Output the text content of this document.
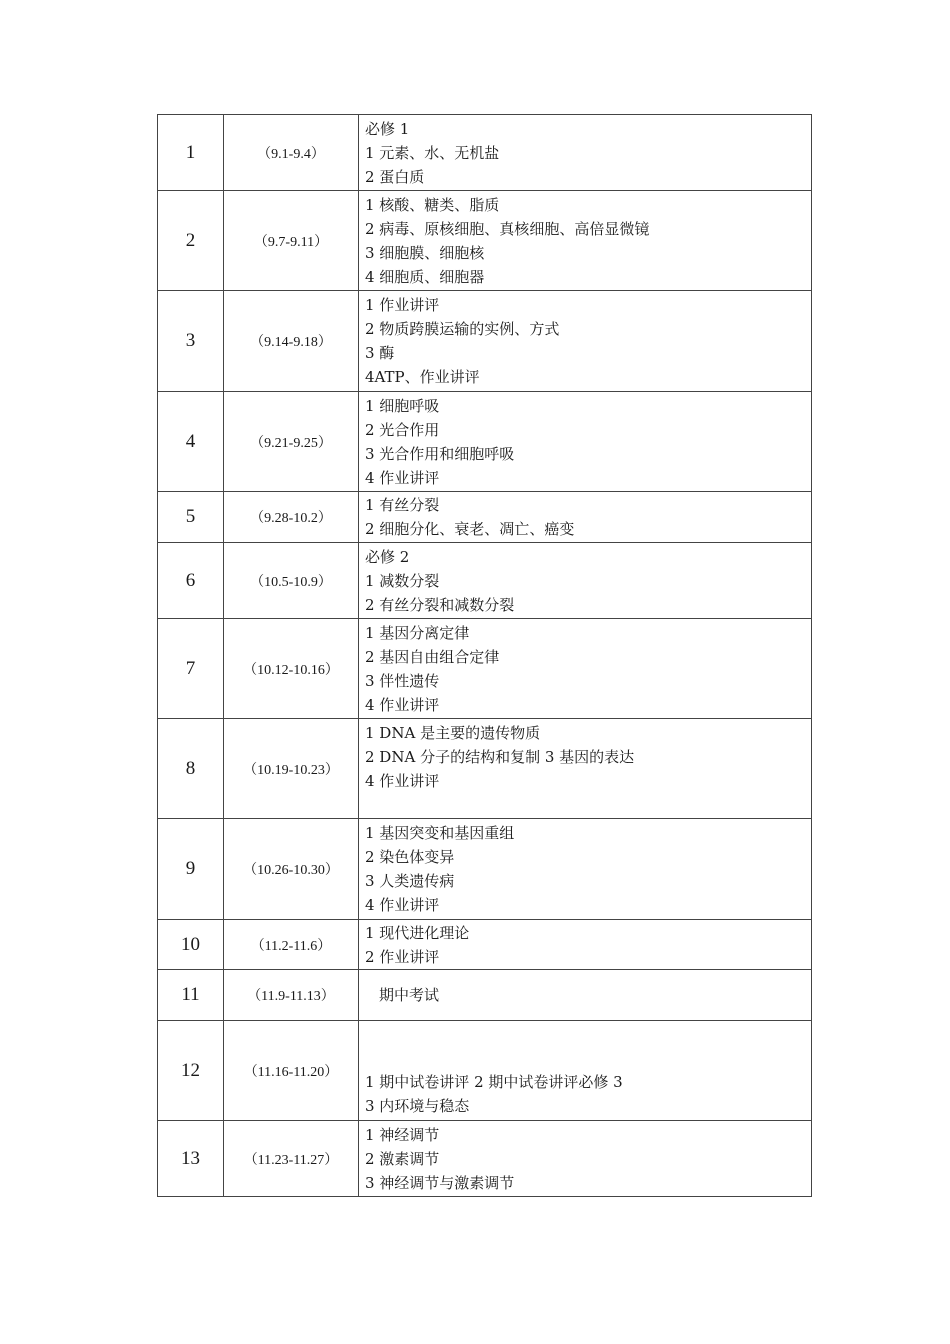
1	（9.1-9.4）	必修 1
1 元素、水、无机盐
2 蛋白质

2	（9.7-9.11）	1 核酸、糖类、脂质
2 病毒、原核细胞、真核细胞、高倍显微镜
3 细胞膜、细胞核
4 细胞质、细胞器

3	（9.14-9.18）	1 作业讲评
2 物质跨膜运输的实例、方式
3 酶
4ATP、作业讲评

4	（9.21-9.25）	1 细胞呼吸
2 光合作用
3 光合作用和细胞呼吸
4 作业讲评

5	（9.28-10.2）	1 有丝分裂
2 细胞分化、衰老、凋亡、癌变

6	（10.5-10.9）	必修 2
1 减数分裂
2 有丝分裂和减数分裂

7	（10.12-10.16）	1 基因分离定律
2 基因自由组合定律
3 伴性遗传
4 作业讲评

8	（10.19-10.23）	1 DNA 是主要的遗传物质
2 DNA 分子的结构和复制 3 基因的表达
4 作业讲评

9	（10.26-10.30）	1 基因突变和基因重组
2 染色体变异
3 人类遗传病
4 作业讲评

10	（11.2-11.6）	1 现代进化理论
2 作业讲评

11	（11.9-11.13）	期中考试

12	（11.16-11.20）	1 期中试卷讲评 2 期中试卷讲评必修 3
3 内环境与稳态

13	（11.23-11.27）	1 神经调节
2 激素调节
3 神经调节与激素调节
